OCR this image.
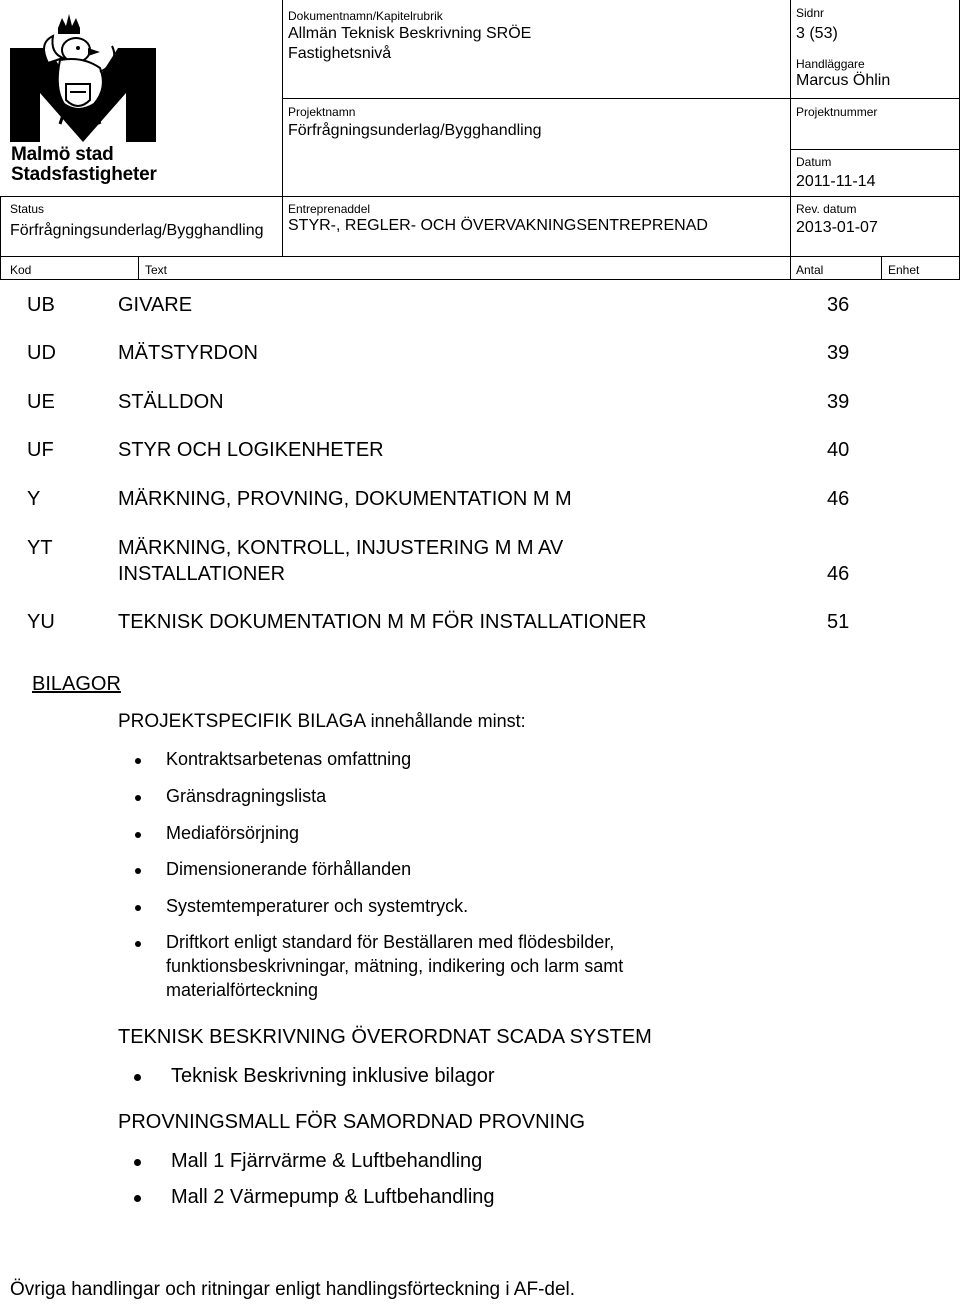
Malmö stad
Stadsfastigheter
Dokumentnamn/Kapitelrubrik
Allmän Teknisk Beskrivning SRÖE
Fastighetsnivå
Projektnamn
Förfrågningsunderlag/Bygghandling
Sidnr
3 (53)
Handläggare
Marcus Öhlin
Projektnummer
Datum
2011-11-14
Status
Förfrågningsunderlag/Bygghandling
Entreprenaddel
STYR-, REGLER- OCH ÖVERVAKNINGSENTREPRENAD
Rev. datum
2013-01-07
Kod	Text	Antal	Enhet
UB	GIVARE	36
UD	MÄTSTYRDON	39
UE	STÄLLDON	39
UF	STYR OCH LOGIKENHETER	40
Y	MÄRKNING, PROVNING, DOKUMENTATION M M	46
YT	MÄRKNING, KONTROLL, INJUSTERING M M AV
INSTALLATIONER	46
YU	TEKNISK DOKUMENTATION M M FÖR INSTALLATIONER	51
BILAGOR
PROJEKTSPECIFIK BILAGA innehållande minst:
Kontraktsarbetenas omfattning
Gränsdragningslista
Mediaförsörjning
Dimensionerande förhållanden
Systemtemperaturer och systemtryck.
Driftkort enligt standard för Beställaren med flödesbilder,
funktionsbeskrivningar, mätning, indikering och larm samt
materialförteckning
TEKNISK BESKRIVNING ÖVERORDNAT SCADA SYSTEM
Teknisk Beskrivning inklusive bilagor
PROVNINGSMALL FÖR SAMORDNAD PROVNING
Mall 1 Fjärrvärme & Luftbehandling
Mall 2 Värmepump & Luftbehandling
Övriga handlingar och ritningar enligt handlingsförteckning i AF-del.
